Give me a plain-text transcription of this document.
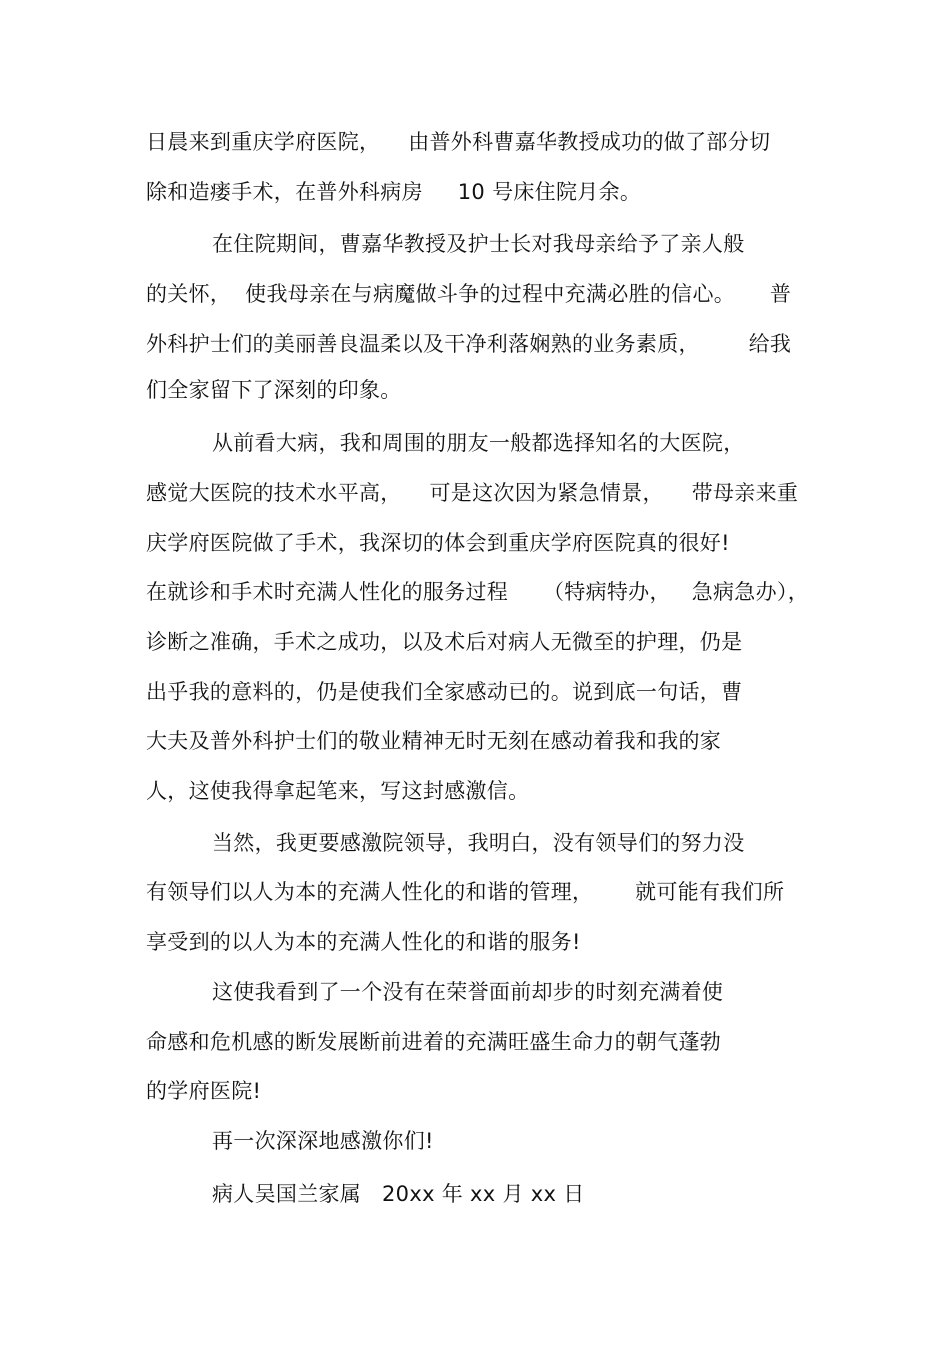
日晨来到重庆学府医院，    由普外科曹嘉华教授成功的做了部分切
除和造瘘手术，在普外科病房     10 号床住院月余。
在住院期间，曹嘉华教授及护士长对我母亲给予了亲人般
的关怀，  使我母亲在与病魔做斗争的过程中充满必胜的信心。     普
外科护士们的美丽善良温柔以及干净利落娴熟的业务素质，       给我
们全家留下了深刻的印象。
从前看大病，我和周围的朋友一般都选择知名的大医院，
感觉大医院的技术水平高，    可是这次因为紧急情景，    带母亲来重
庆学府医院做了手术，我深切的体会到重庆学府医院真的很好!
在就诊和手术时充满人性化的服务过程     （特病特办，   急病急办），
诊断之准确，手术之成功，以及术后对病人无微至的护理，仍是
出乎我的意料的，仍是使我们全家感动已的。说到底一句话，曹
大夫及普外科护士们的敬业精神无时无刻在感动着我和我的家
人，这使我得拿起笔来，写这封感激信。
当然，我更要感激院领导，我明白，没有领导们的努力没
有领导们以人为本的充满人性化的和谐的管理，      就可能有我们所
享受到的以人为本的充满人性化的和谐的服务!
这使我看到了一个没有在荣誉面前却步的时刻充满着使
命感和危机感的断发展断前进着的充满旺盛生命力的朝气蓬勃
的学府医院!
再一次深深地感激你们!
病人吴国兰家属   20xx 年 xx 月 xx 日
